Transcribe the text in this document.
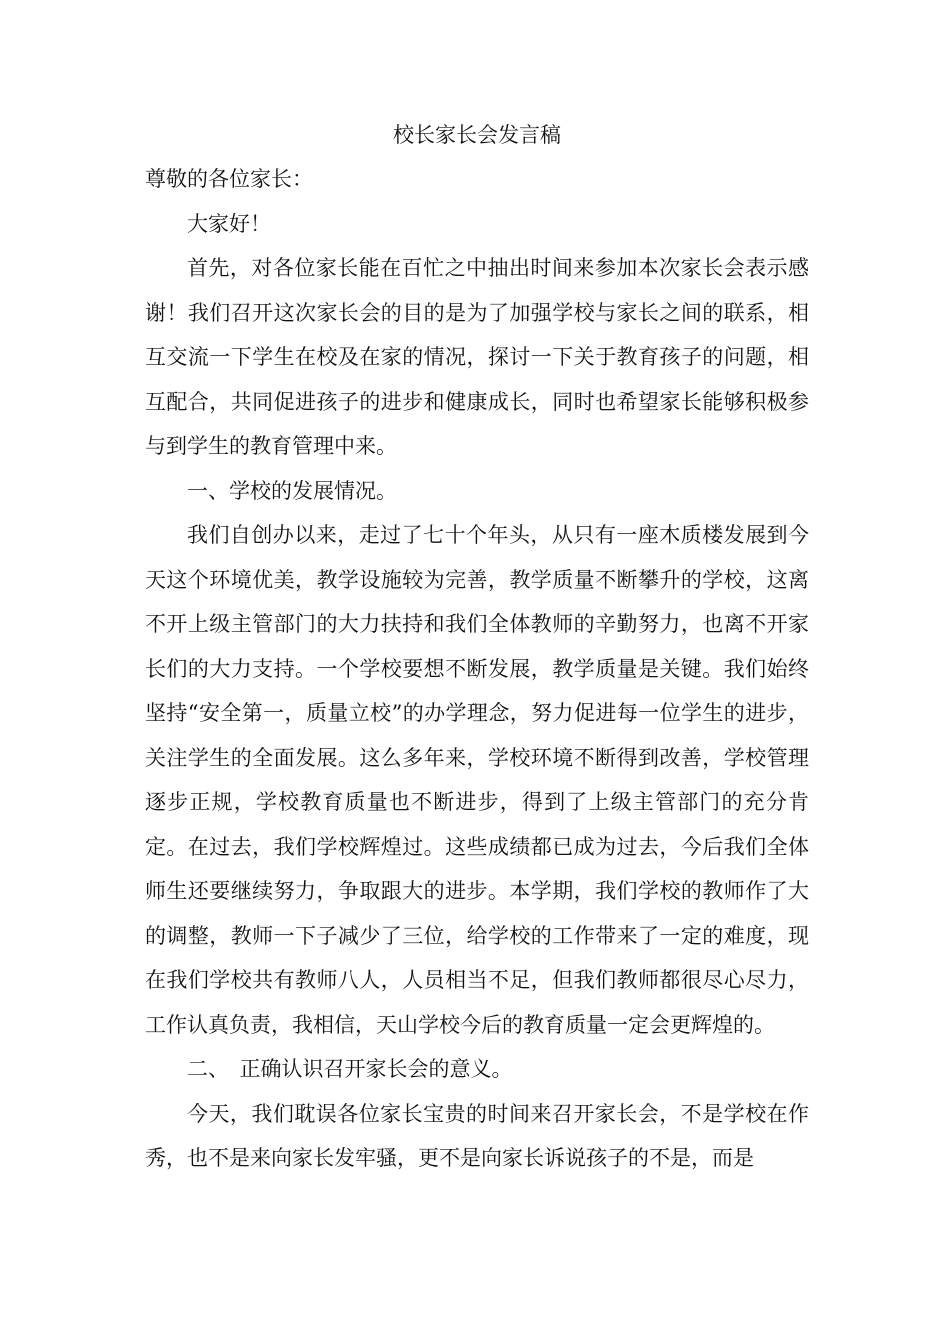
校长家长会发言稿

尊敬的各位家长：

大家好！

首先，对各位家长能在百忙之中抽出时间来参加本次家长会表示感谢！我们召开这次家长会的目的是为了加强学校与家长之间的联系，相互交流一下学生在校及在家的情况，探讨一下关于教育孩子的问题，相互配合，共同促进孩子的进步和健康成长，同时也希望家长能够积极参与到学生的教育管理中来。

一、学校的发展情况。

我们自创办以来，走过了七十个年头，从只有一座木质楼发展到今天这个环境优美，教学设施较为完善，教学质量不断攀升的学校，这离不开上级主管部门的大力扶持和我们全体教师的辛勤努力，也离不开家长们的大力支持。一个学校要想不断发展，教学质量是关键。我们始终坚持“安全第一，质量立校”的办学理念，努力促进每一位学生的进步，关注学生的全面发展。这么多年来，学校环境不断得到改善，学校管理逐步正规，学校教育质量也不断进步，得到了上级主管部门的充分肯定。在过去，我们学校辉煌过。这些成绩都已成为过去，今后我们全体师生还要继续努力，争取跟大的进步。本学期，我们学校的教师作了大的调整，教师一下子减少了三位，给学校的工作带来了一定的难度，现在我们学校共有教师八人，人员相当不足，但我们教师都很尽心尽力，工作认真负责，我相信，天山学校今后的教育质量一定会更辉煌的。

二、　正确认识召开家长会的意义。

今天，我们耽误各位家长宝贵的时间来召开家长会，不是学校在作秀，也不是来向家长发牢骚，更不是向家长诉说孩子的不是，而是
